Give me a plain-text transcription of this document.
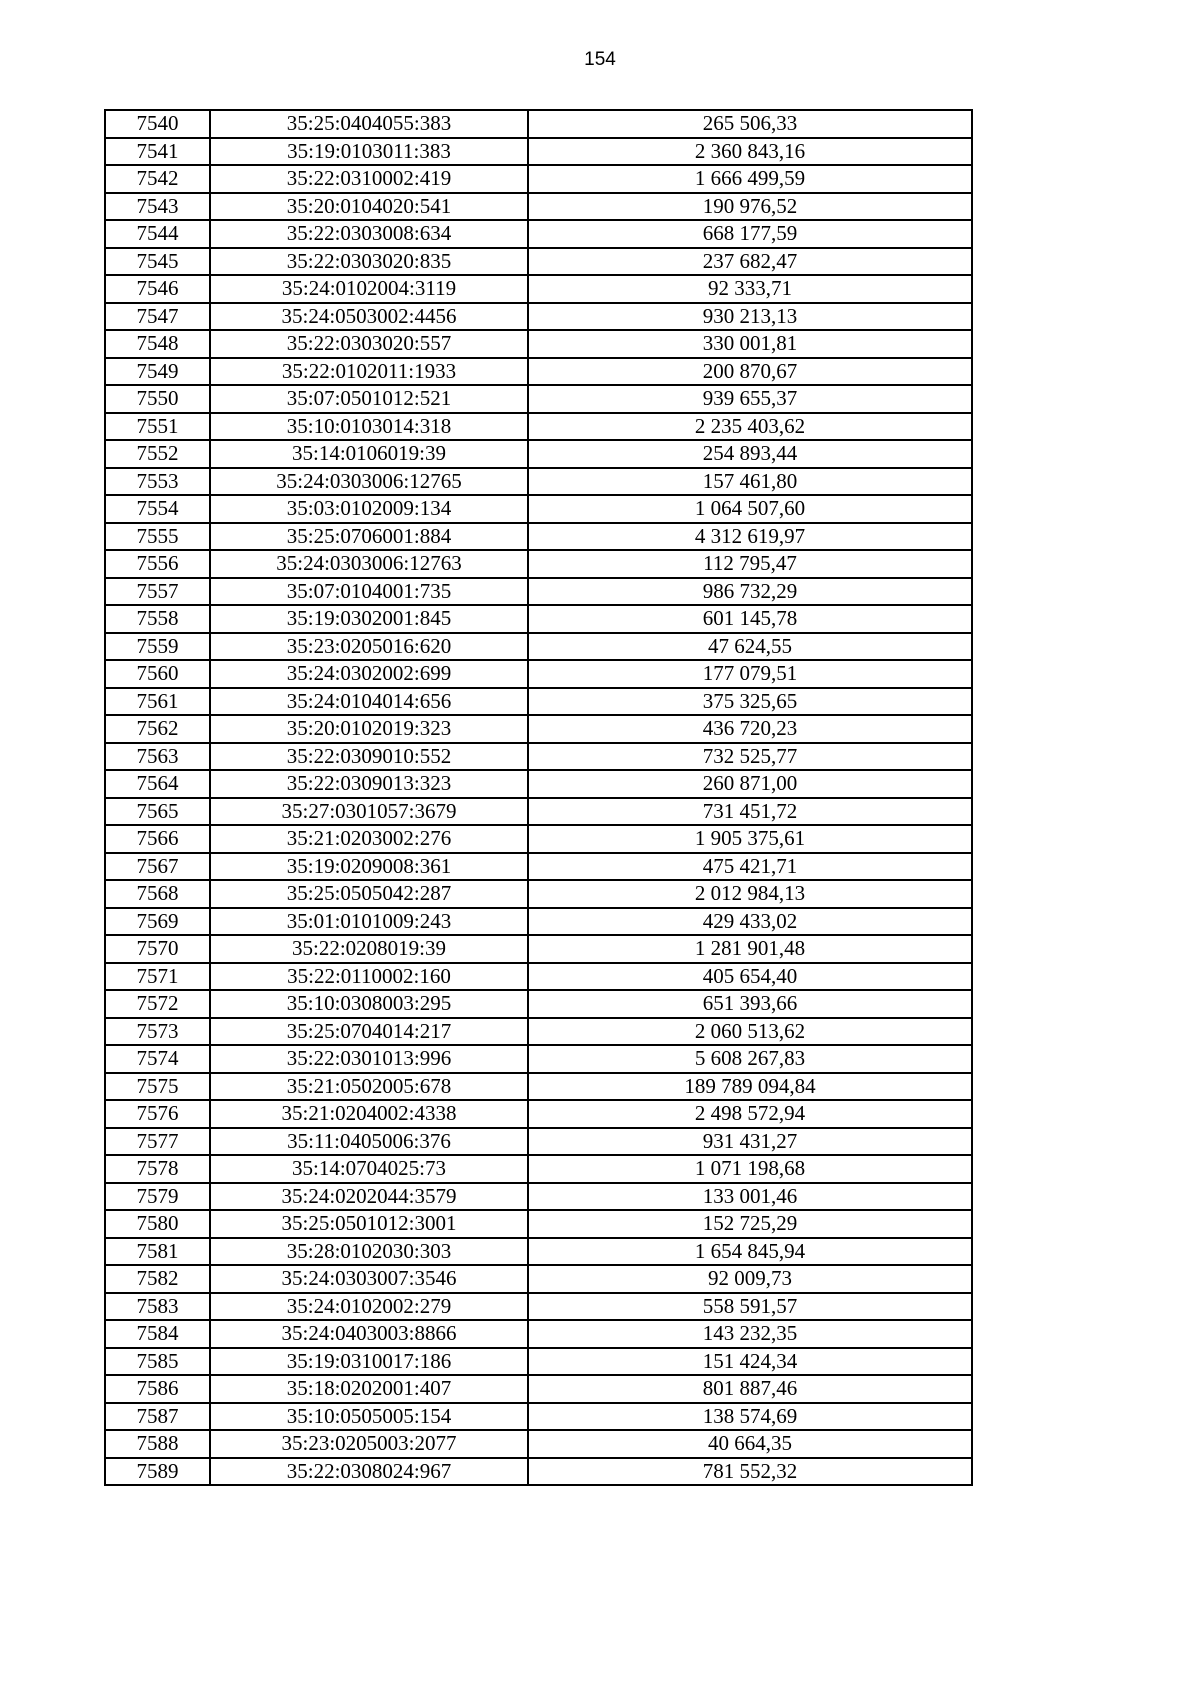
154
7540	35:25:0404055:383	265 506,33
7541	35:19:0103011:383	2 360 843,16
7542	35:22:0310002:419	1 666 499,59
7543	35:20:0104020:541	190 976,52
7544	35:22:0303008:634	668 177,59
7545	35:22:0303020:835	237 682,47
7546	35:24:0102004:3119	92 333,71
7547	35:24:0503002:4456	930 213,13
7548	35:22:0303020:557	330 001,81
7549	35:22:0102011:1933	200 870,67
7550	35:07:0501012:521	939 655,37
7551	35:10:0103014:318	2 235 403,62
7552	35:14:0106019:39	254 893,44
7553	35:24:0303006:12765	157 461,80
7554	35:03:0102009:134	1 064 507,60
7555	35:25:0706001:884	4 312 619,97
7556	35:24:0303006:12763	112 795,47
7557	35:07:0104001:735	986 732,29
7558	35:19:0302001:845	601 145,78
7559	35:23:0205016:620	47 624,55
7560	35:24:0302002:699	177 079,51
7561	35:24:0104014:656	375 325,65
7562	35:20:0102019:323	436 720,23
7563	35:22:0309010:552	732 525,77
7564	35:22:0309013:323	260 871,00
7565	35:27:0301057:3679	731 451,72
7566	35:21:0203002:276	1 905 375,61
7567	35:19:0209008:361	475 421,71
7568	35:25:0505042:287	2 012 984,13
7569	35:01:0101009:243	429 433,02
7570	35:22:0208019:39	1 281 901,48
7571	35:22:0110002:160	405 654,40
7572	35:10:0308003:295	651 393,66
7573	35:25:0704014:217	2 060 513,62
7574	35:22:0301013:996	5 608 267,83
7575	35:21:0502005:678	189 789 094,84
7576	35:21:0204002:4338	2 498 572,94
7577	35:11:0405006:376	931 431,27
7578	35:14:0704025:73	1 071 198,68
7579	35:24:0202044:3579	133 001,46
7580	35:25:0501012:3001	152 725,29
7581	35:28:0102030:303	1 654 845,94
7582	35:24:0303007:3546	92 009,73
7583	35:24:0102002:279	558 591,57
7584	35:24:0403003:8866	143 232,35
7585	35:19:0310017:186	151 424,34
7586	35:18:0202001:407	801 887,46
7587	35:10:0505005:154	138 574,69
7588	35:23:0205003:2077	40 664,35
7589	35:22:0308024:967	781 552,32
